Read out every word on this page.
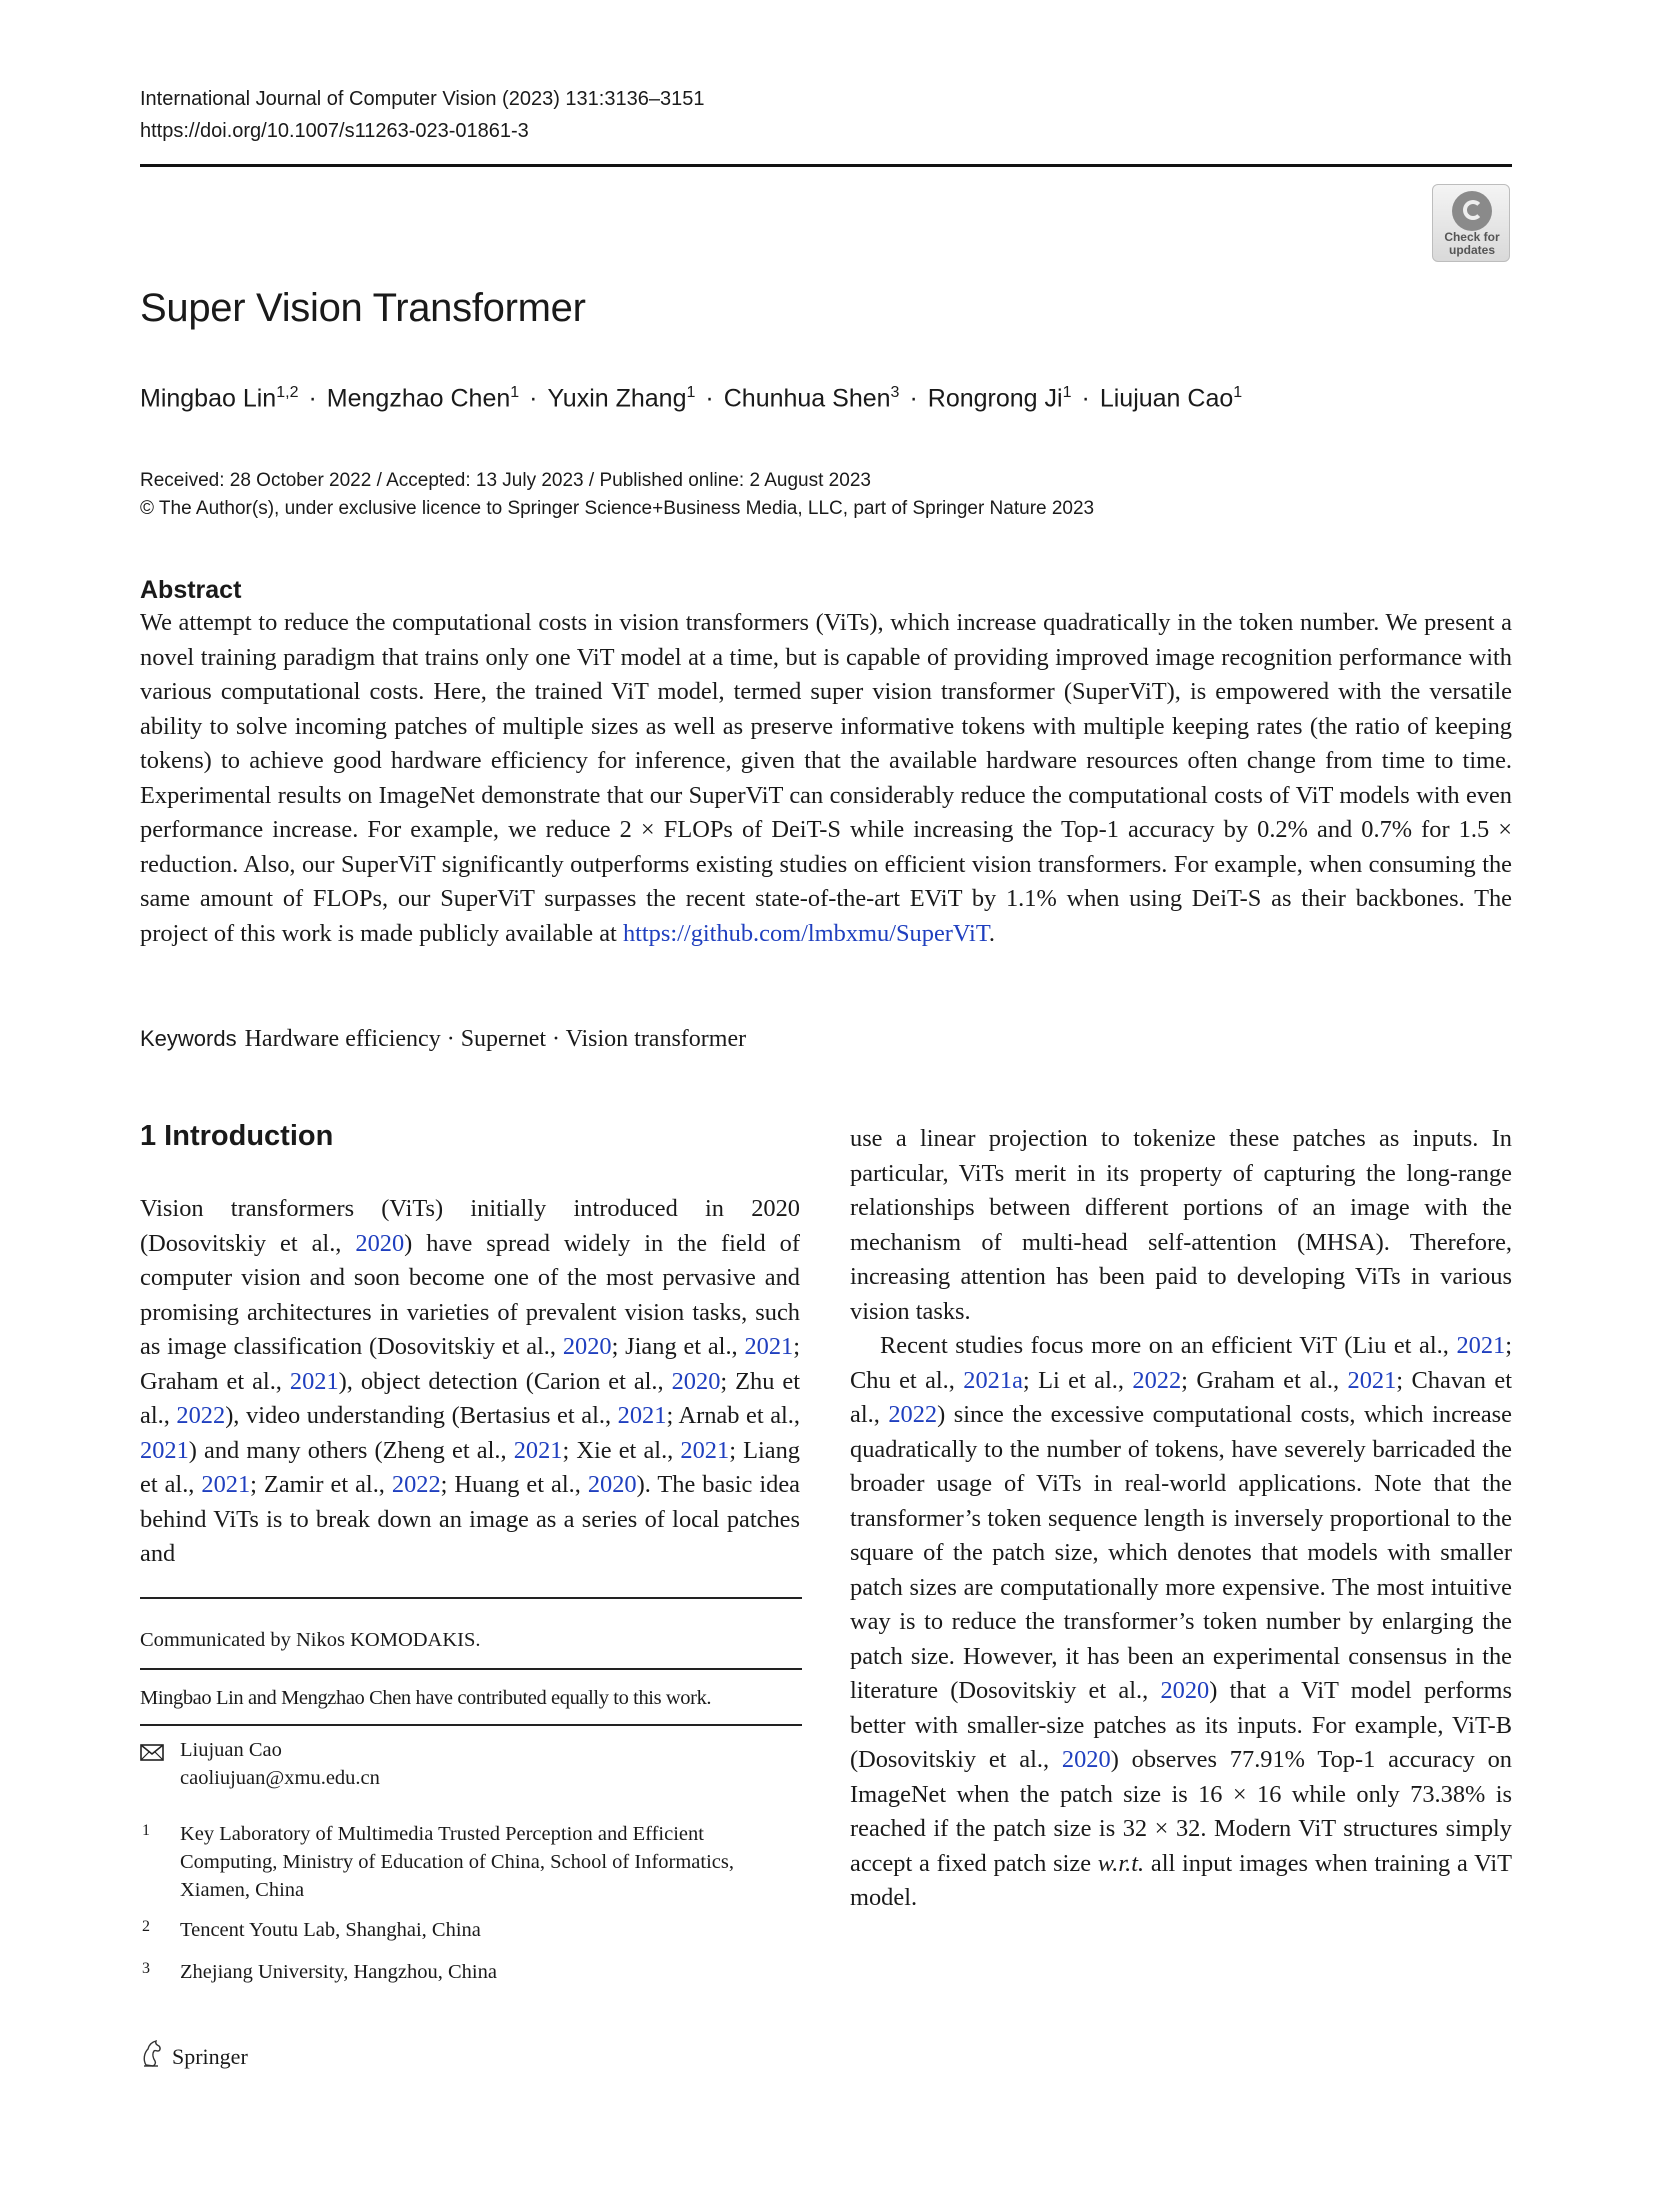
International Journal of Computer Vision (2023) 131:3136–3151
https://doi.org/10.1007/s11263-023-01861-3
Check for
updates
Super Vision Transformer
Mingbao Lin$^{1,2}$ · Mengzhao Chen$^1$ · Yuxin Zhang$^1$ · Chunhua Shen$^3$ · Rongrong $Ji^1$ · Liujuan Cao$^1$
Received: 28 October 2022 / Accepted: 13 July 2023 / Published online: 2 August 2023
© The Author(s), under exclusive licence to Springer Science+Business Media, LLC, part of Springer Nature 2023
Abstract
We attempt to reduce the computational costs in vision transformers (ViTs), which increase quadratically in the token number. We present a novel training paradigm that trains only one ViT model at a time, but is capable of providing improved image recognition performance with various computational costs. Here, the trained ViT model, termed super vision transformer (SuperViT), is empowered with the versatile ability to solve incoming patches of multiple sizes as well as preserve informative tokens with multiple keeping rates (the ratio of keeping tokens) to achieve good hardware efficiency for inference, given that the available hardware resources often change from time to time. Experimental results on ImageNet demonstrate that our SuperViT can considerably reduce the computational costs of ViT models with even performance increase. For example, we reduce 2 × FLOPs of DeiT-S while increasing the Top-1 accuracy by 0.2% and 0.7% for 1.5 × reduction. Also, our SuperViT significantly outperforms existing studies on efficient vision transformers. For example, when consuming the same amount of FLOPs, our SuperViT surpasses the recent state-of-the-art EViT by 1.1% when using DeiT-S as their backbones. The project of this work is made publicly available at https://github.com/lmbxmu/SuperViT.
Keywords Hardware efficiency · Supernet · Vision transformer
1 Introduction

Vision transformers (ViTs) initially introduced in 2020 (Dosovitskiy et al., 2020) have spread widely in the field of computer vision and soon become one of the most pervasive and promising architectures in varieties of prevalent vision tasks, such as image classification (Dosovitskiy et al., 2020; Jiang et al., 2021; Graham et al., 2021), object detection (Carion et al., 2020; Zhu et al., 2022), video understanding (Bertasius et al., 2021; Arnab et al., 2021) and many others (Zheng et al., 2021; Xie et al., 2021; Liang et al., 2021; Zamir et al., 2022; Huang et al., 2020). The basic idea behind ViTs is to break down an image as a series of local patches and

use a linear projection to tokenize these patches as inputs. In particular, ViTs merit in its property of capturing the long-range relationships between different portions of an image with the mechanism of multi-head self-attention (MHSA). Therefore, increasing attention has been paid to developing ViTs in various vision tasks.

Recent studies focus more on an efficient ViT (Liu et al., 2021; Chu et al., 2021a; Li et al., 2022; Graham et al., 2021; Chavan et al., 2022) since the excessive computational costs, which increase quadratically to the number of tokens, have severely barricaded the broader usage of ViTs in real-world applications. Note that the transformer’s token sequence length is inversely proportional to the square of the patch size, which denotes that models with smaller patch sizes are computationally more expensive. The most intuitive way is to reduce the transformer’s token number by enlarging the patch size. However, it has been an experimental consensus in the literature (Dosovitskiy et al., 2020) that a ViT model performs better with smaller-size patches as its inputs. For example, ViT-B (Dosovitskiy et al., 2020) observes 77.91% Top-1 accuracy on ImageNet when the patch size is 16 × 16 while only 73.38% is reached if the patch size is 32 × 32. Modern ViT structures simply accept a fixed patch size w.r.t. all input images when training a ViT model.

Communicated by Nikos KOMODAKIS.
Mingbao Lin and Mengzhao Chen have contributed equally to this work.
Liujuan Cao
caoliujuan@xmu.edu.cn
1 Key Laboratory of Multimedia Trusted Perception and Efficient Computing, Ministry of Education of China, School of Informatics, Xiamen, China
2 Tencent Youtu Lab, Shanghai, China
3 Zhejiang University, Hangzhou, China
Springer
